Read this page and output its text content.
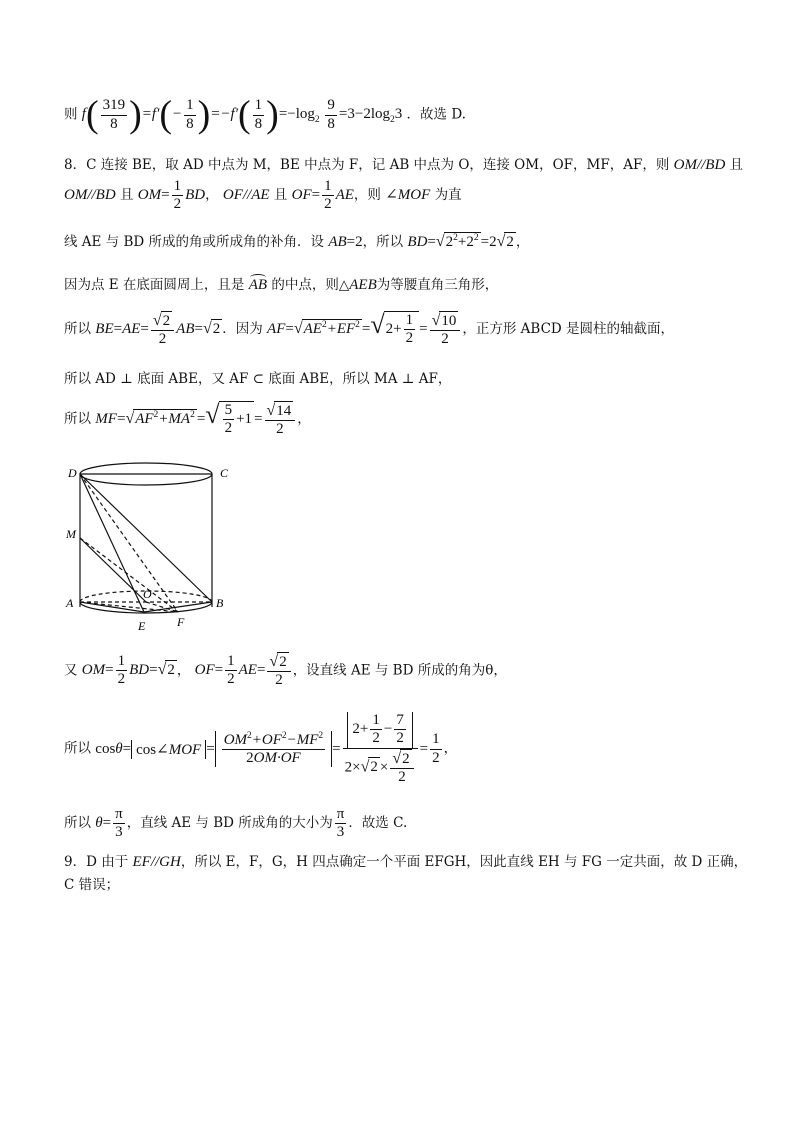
则 $f( \frac{319}{8} )=f'(- \frac{1}{8} )=-f'( \frac{1}{8} )=-\log_2 \frac{9}{8} =3-2\log_23$ ．故选 D.
8．C 连接 BE，取 AD 中点为 M，BE 中点为 F，记 AB 中点为 O，连接 OM，OF，MF，AF，则 OM//BD 且
OM//BD 且 $OM= \frac{1}{2}$ BD， OF//AE 且 $OF= \frac{1}{2}$ AE，则 ∠MOF 为直
线 AE 与 BD 所成的角或所成角的补角．设 AB=2，所以 $BD=√2^2+2^2 =2√2$ ，
因为点 E 在底面圆周上，且是 AB 的中点，则△AEB为等腰直角三角形，
所以 $BE=AE= \frac{√2}{2} AB=√2$ ．因为 $AF=√AE^2+EF^2 =√2+ \frac{1}{2} = \frac{√10}{2}$ ，正方形 ABCD 是圆柱的轴截面，
所以 AD ⊥ 底面 ABE，又 AF ⊂ 底面 ABE，所以 MA ⊥ AF，
所以 $MF=√AF^2+MA^2$ =√ $\frac{5}{2} +1 = \frac{√14}{2}$ ，
D	C
M
A	B
O
E	F
又 $OM= \frac{1}{2} BD=√2$ ， $OF= \frac{1}{2} AE= \frac{√2}{2}$ ，设直线 AE 与 BD 所成的角为θ，
所以 cosθ= cos∠MOF = $\frac{OM^2+OF^2-MF^2}{2OM\cdot OF} = \frac{2+ \frac{1}{2} - \frac{7}{2}}{2\times√2 \times \frac{√2}{2}} = \frac{1}{2}$ ，
所以 $\theta= \frac{\pi}{3}$ ，直线 AE 与 BD 所成角的大小为 $\frac{\pi}{3}$ ．故选 C.
9．D 由于 EF//GH，所以 E，F，G，H 四点确定一个平面 EFGH，因此直线 EH 与 FG 一定共面，故 D 正确，
C 错误；
